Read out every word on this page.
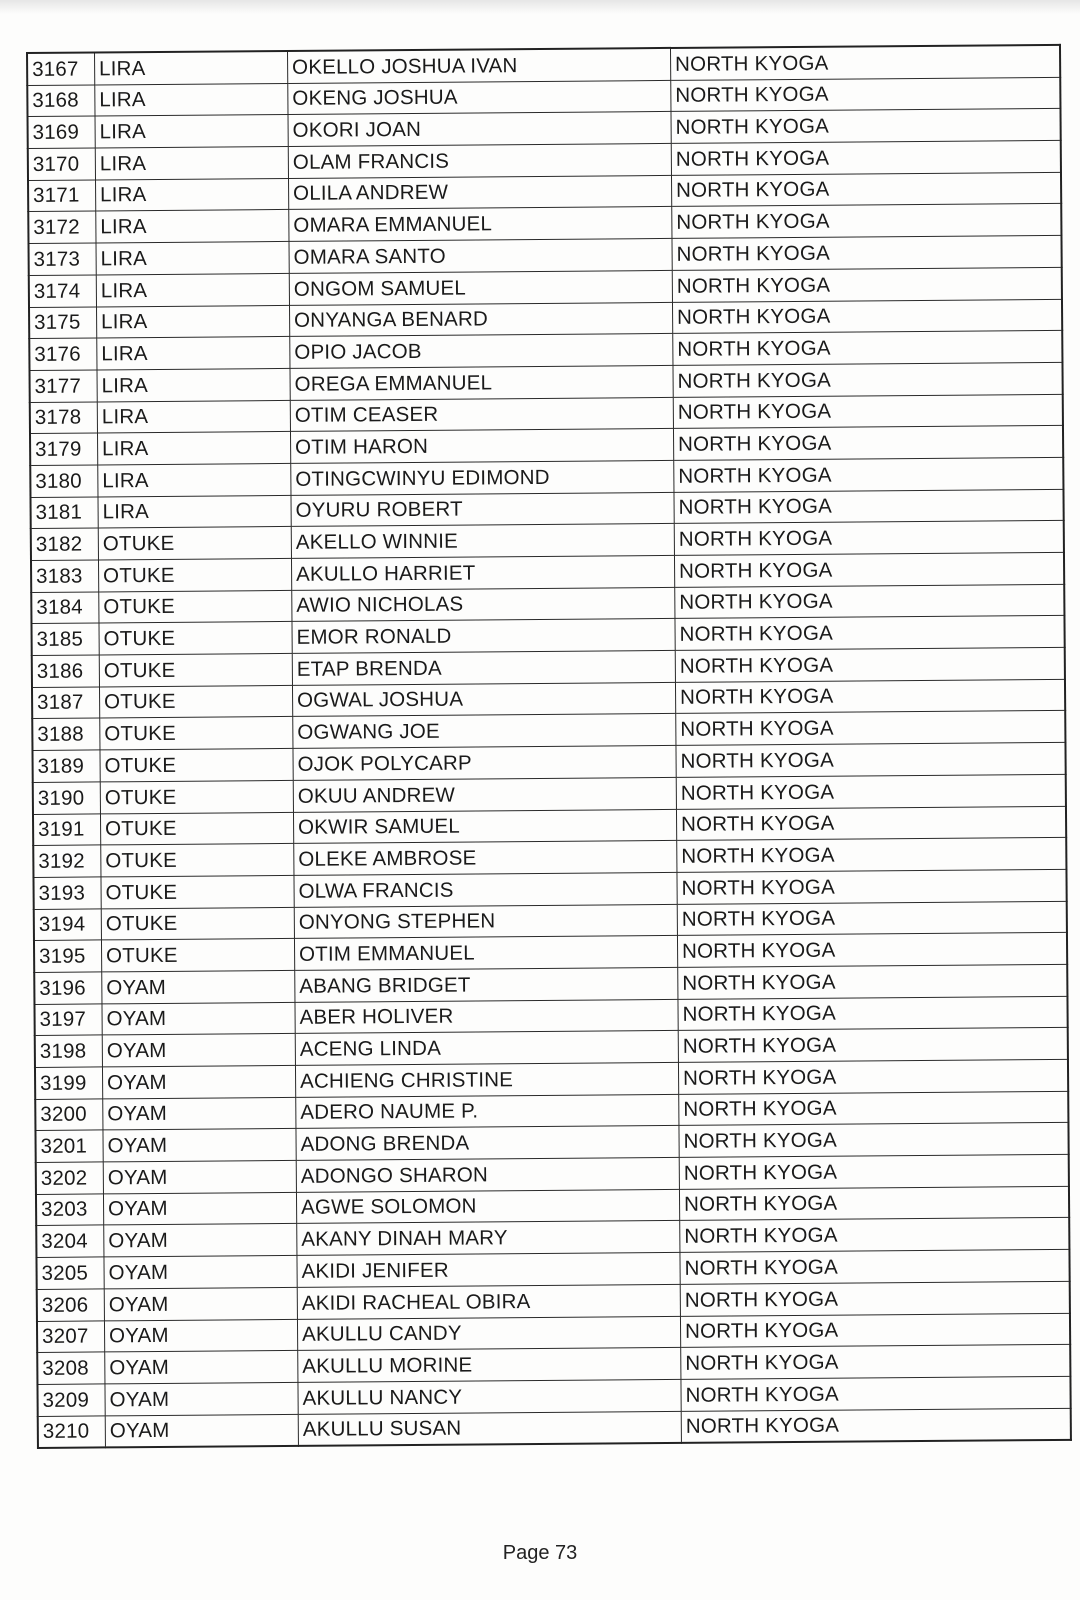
3167	LIRA	OKELLO JOSHUA IVAN	NORTH KYOGA
3168	LIRA	OKENG JOSHUA	NORTH KYOGA
3169	LIRA	OKORI JOAN	NORTH KYOGA
3170	LIRA	OLAM FRANCIS	NORTH KYOGA
3171	LIRA	OLILA ANDREW	NORTH KYOGA
3172	LIRA	OMARA EMMANUEL	NORTH KYOGA
3173	LIRA	OMARA SANTO	NORTH KYOGA
3174	LIRA	ONGOM SAMUEL	NORTH KYOGA
3175	LIRA	ONYANGA BENARD	NORTH KYOGA
3176	LIRA	OPIO JACOB	NORTH KYOGA
3177	LIRA	OREGA EMMANUEL	NORTH KYOGA
3178	LIRA	OTIM CEASER	NORTH KYOGA
3179	LIRA	OTIM HARON	NORTH KYOGA
3180	LIRA	OTINGCWINYU EDIMOND	NORTH KYOGA
3181	LIRA	OYURU ROBERT	NORTH KYOGA
3182	OTUKE	AKELLO WINNIE	NORTH KYOGA
3183	OTUKE	AKULLO HARRIET	NORTH KYOGA
3184	OTUKE	AWIO NICHOLAS	NORTH KYOGA
3185	OTUKE	EMOR RONALD	NORTH KYOGA
3186	OTUKE	ETAP BRENDA	NORTH KYOGA
3187	OTUKE	OGWAL JOSHUA	NORTH KYOGA
3188	OTUKE	OGWANG JOE	NORTH KYOGA
3189	OTUKE	OJOK POLYCARP	NORTH KYOGA
3190	OTUKE	OKUU ANDREW	NORTH KYOGA
3191	OTUKE	OKWIR SAMUEL	NORTH KYOGA
3192	OTUKE	OLEKE AMBROSE	NORTH KYOGA
3193	OTUKE	OLWA FRANCIS	NORTH KYOGA
3194	OTUKE	ONYONG STEPHEN	NORTH KYOGA
3195	OTUKE	OTIM EMMANUEL	NORTH KYOGA
3196	OYAM	ABANG BRIDGET	NORTH KYOGA
3197	OYAM	ABER HOLIVER	NORTH KYOGA
3198	OYAM	ACENG LINDA	NORTH KYOGA
3199	OYAM	ACHIENG CHRISTINE	NORTH KYOGA
3200	OYAM	ADERO NAUME P.	NORTH KYOGA
3201	OYAM	ADONG BRENDA	NORTH KYOGA
3202	OYAM	ADONGO SHARON	NORTH KYOGA
3203	OYAM	AGWE SOLOMON	NORTH KYOGA
3204	OYAM	AKANY DINAH MARY	NORTH KYOGA
3205	OYAM	AKIDI JENIFER	NORTH KYOGA
3206	OYAM	AKIDI RACHEAL OBIRA	NORTH KYOGA
3207	OYAM	AKULLU CANDY	NORTH KYOGA
3208	OYAM	AKULLU MORINE	NORTH KYOGA
3209	OYAM	AKULLU NANCY	NORTH KYOGA
3210	OYAM	AKULLU SUSAN	NORTH KYOGA
Page 73
